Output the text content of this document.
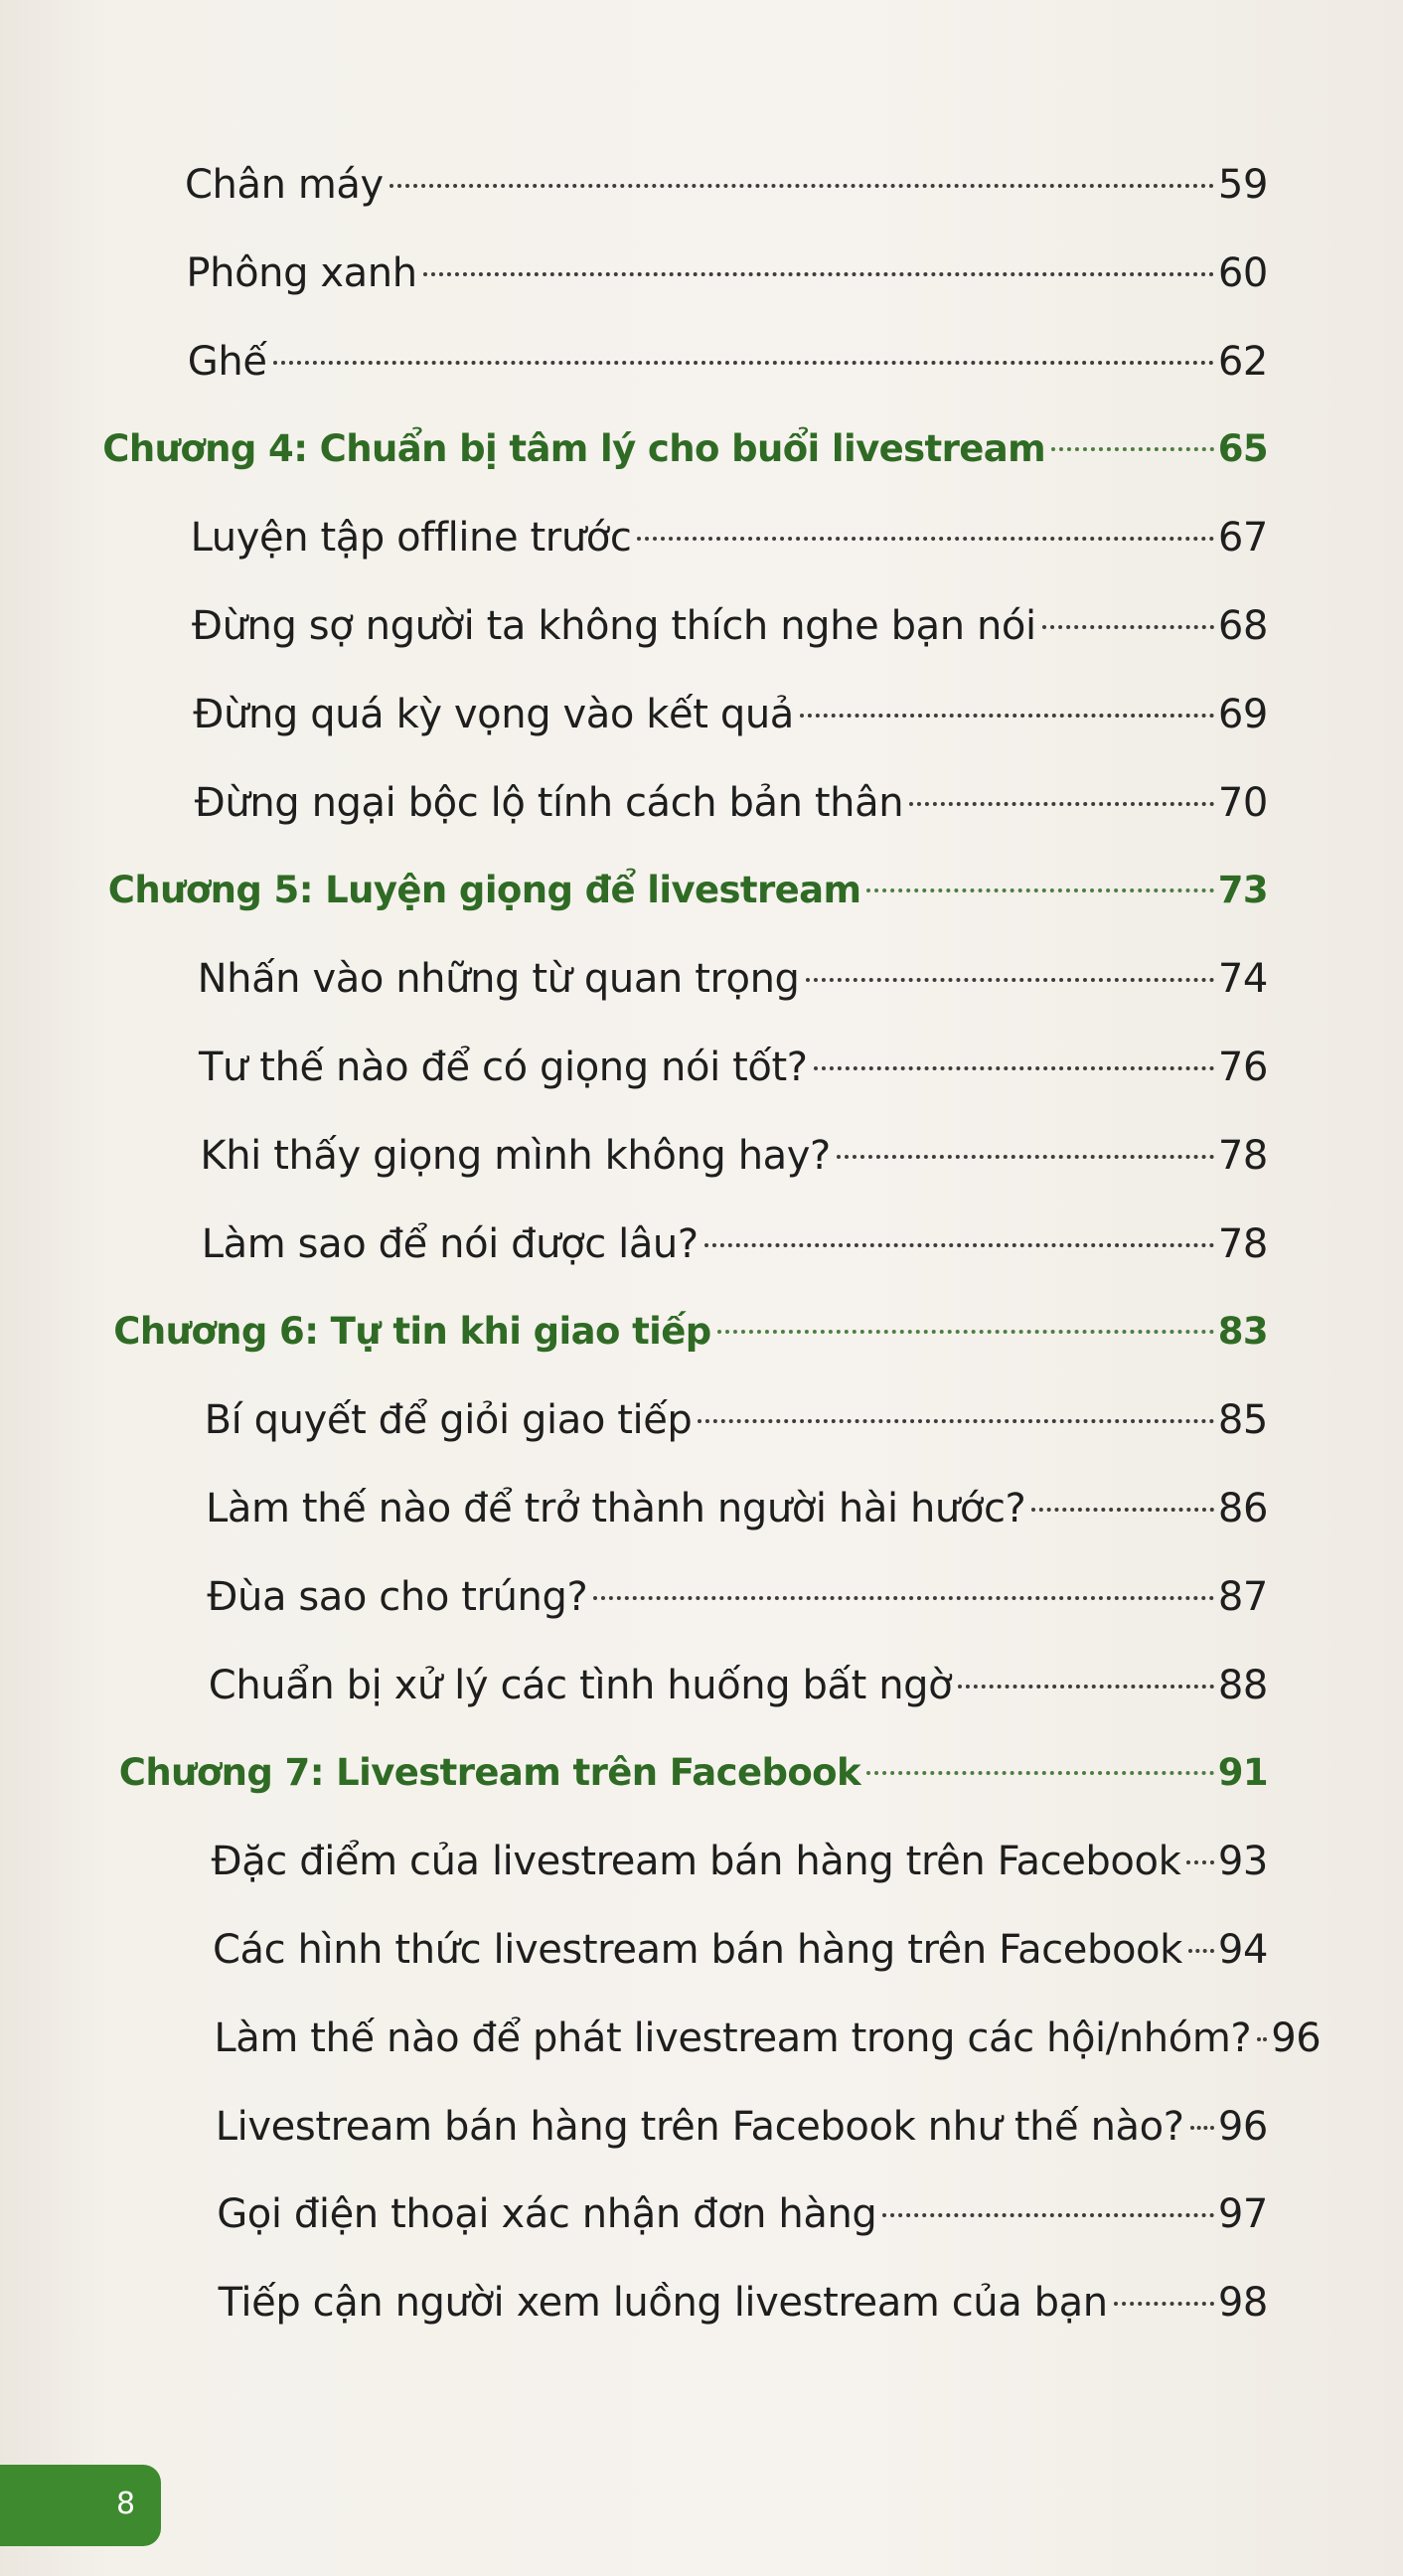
Chân máy	59
Phông xanh	60
Ghế	62
Chương 4: Chuẩn bị tâm lý cho buổi livestream	65
Luyện tập offline trước	67
Đừng sợ người ta không thích nghe bạn nói	68
Đừng quá kỳ vọng vào kết quả	69
Đừng ngại bộc lộ tính cách bản thân	70
Chương 5: Luyện giọng để livestream	73
Nhấn vào những từ quan trọng	74
Tư thế nào để có giọng nói tốt?	76
Khi thấy giọng mình không hay?	78
Làm sao để nói được lâu?	78
Chương 6: Tự tin khi giao tiếp	83
Bí quyết để giỏi giao tiếp	85
Làm thế nào để trở thành người hài hước?	86
Đùa sao cho trúng?	87
Chuẩn bị xử lý các tình huống bất ngờ	88
Chương 7: Livestream trên Facebook	91
Đặc điểm của livestream bán hàng trên Facebook 93
Các hình thức livestream bán hàng trên Facebook 94
Làm thế nào để phát livestream trong các hội/nhóm? 96
Livestream bán hàng trên Facebook như thế nào? 96
Gọi điện thoại xác nhận đơn hàng	97
Tiếp cận người xem luồng livestream của bạn	98
8
